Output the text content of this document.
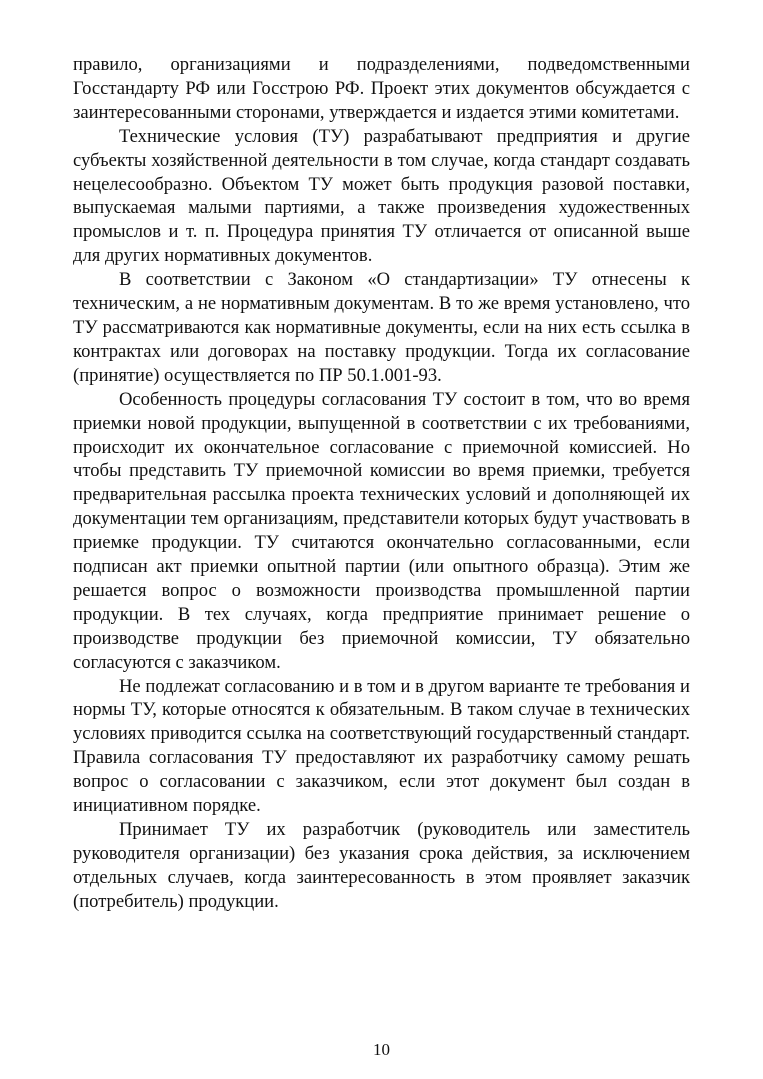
правило, организациями и подразделениями, подведомственными Госстандарту РФ или Госстрою РФ. Проект этих документов обсуждается с заинтересованными сторонами, утверждается и издается этими комитетами.

Технические условия (ТУ) разрабатывают предприятия и другие субъекты хозяйственной деятельности в том случае, когда стандарт создавать нецелесообразно. Объектом ТУ может быть продукция разовой поставки, выпускаемая малыми партиями, а также произведения художественных промыслов и т. п. Процедура принятия ТУ отличается от описанной выше для других нормативных документов.

В соответствии с Законом «О стандартизации» ТУ отнесены к техническим, а не нормативным документам. В то же время установлено, что ТУ рассматриваются как нормативные документы, если на них есть ссылка в контрактах или договорах на поставку продукции. Тогда их согласование (принятие) осуществляется по ПР 50.1.001-93.

Особенность процедуры согласования ТУ состоит в том, что во время приемки новой продукции, выпущенной в соответствии с их требованиями, происходит их окончательное согласование с приемочной комиссией. Но чтобы представить ТУ приемочной комиссии во время приемки, требуется предварительная рассылка проекта технических условий и дополняющей их документации тем организациям, представители которых будут участвовать в приемке продукции. ТУ считаются окончательно согласованными, если подписан акт приемки опытной партии (или опытного образца). Этим же решается вопрос о возможности производства промышленной партии продукции. В тех случаях, когда предприятие принимает решение о производстве продукции без приемочной комиссии, ТУ обязательно согласуются с заказчиком.

Не подлежат согласованию и в том и в другом варианте те требования и нормы ТУ, которые относятся к обязательным. В таком случае в технических условиях приводится ссылка на соответствующий государственный стандарт. Правила согласования ТУ предоставляют их разработчику самому решать вопрос о согласовании с заказчиком, если этот документ был создан в инициативном порядке.

Принимает ТУ их разработчик (руководитель или заместитель руководителя организации) без указания срока действия, за исключением отдельных случаев, когда заинтересованность в этом проявляет заказчик (потребитель) продукции.

10
